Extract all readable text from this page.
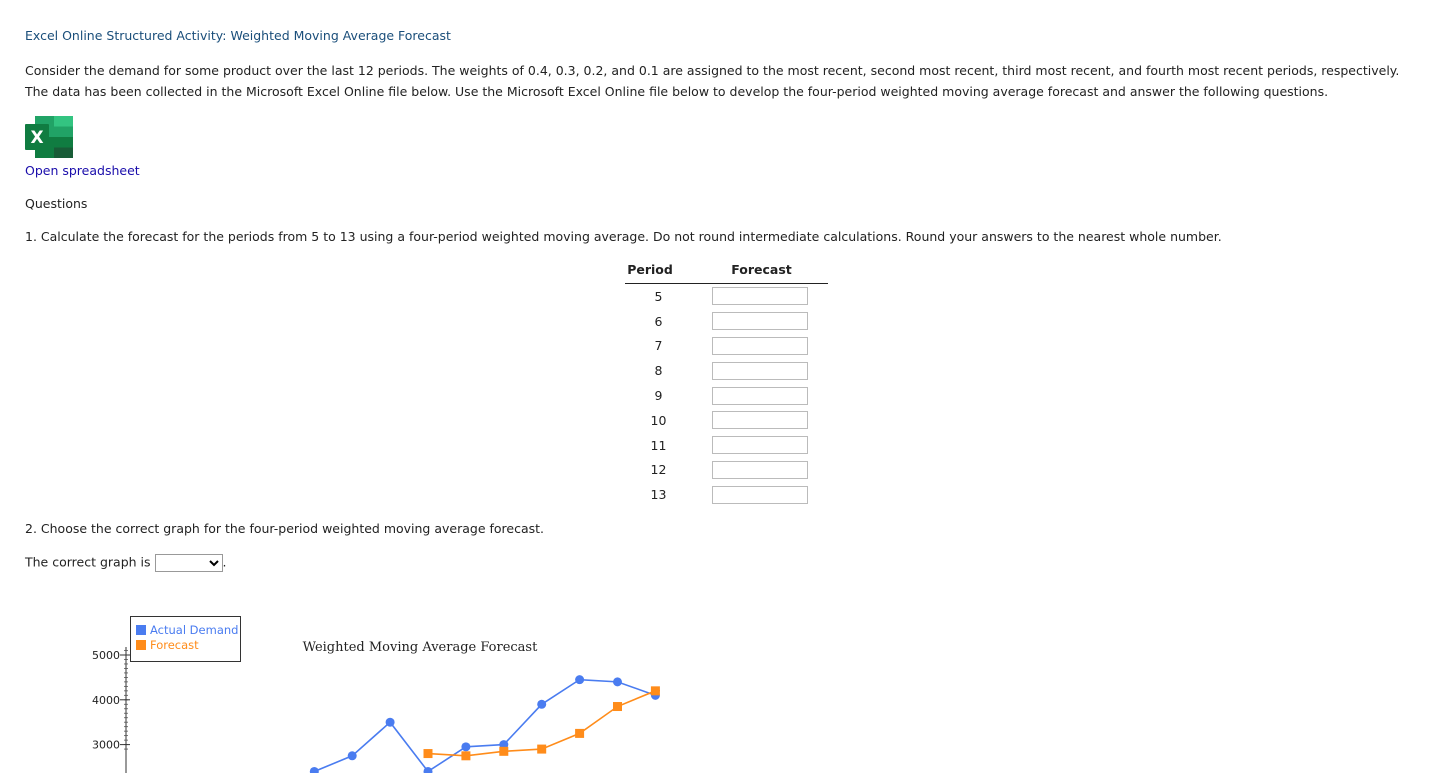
Excel Online Structured Activity: Weighted Moving Average Forecast
Consider the demand for some product over the last 12 periods. The weights of 0.4, 0.3, 0.2, and 0.1 are assigned to the most recent, second most recent, third most recent, and fourth most recent periods, respectively. The data has been collected in the Microsoft Excel Online file below. Use the Microsoft Excel Online file below to develop the four-period weighted moving average forecast and answer the following questions.
X
Open spreadsheet
Questions
1. Calculate the forecast for the periods from 5 to 13 using a four-period weighted moving average. Do not round intermediate calculations. Round your answers to the nearest whole number.
Period	Forecast
5
6
7
8
9
10
11
12
13
2. Choose the correct graph for the four-period weighted moving average forecast.
The correct graph is	.
5000
4000
3000
Actual Demand
Forecast	Weighted Moving Average Forecast
